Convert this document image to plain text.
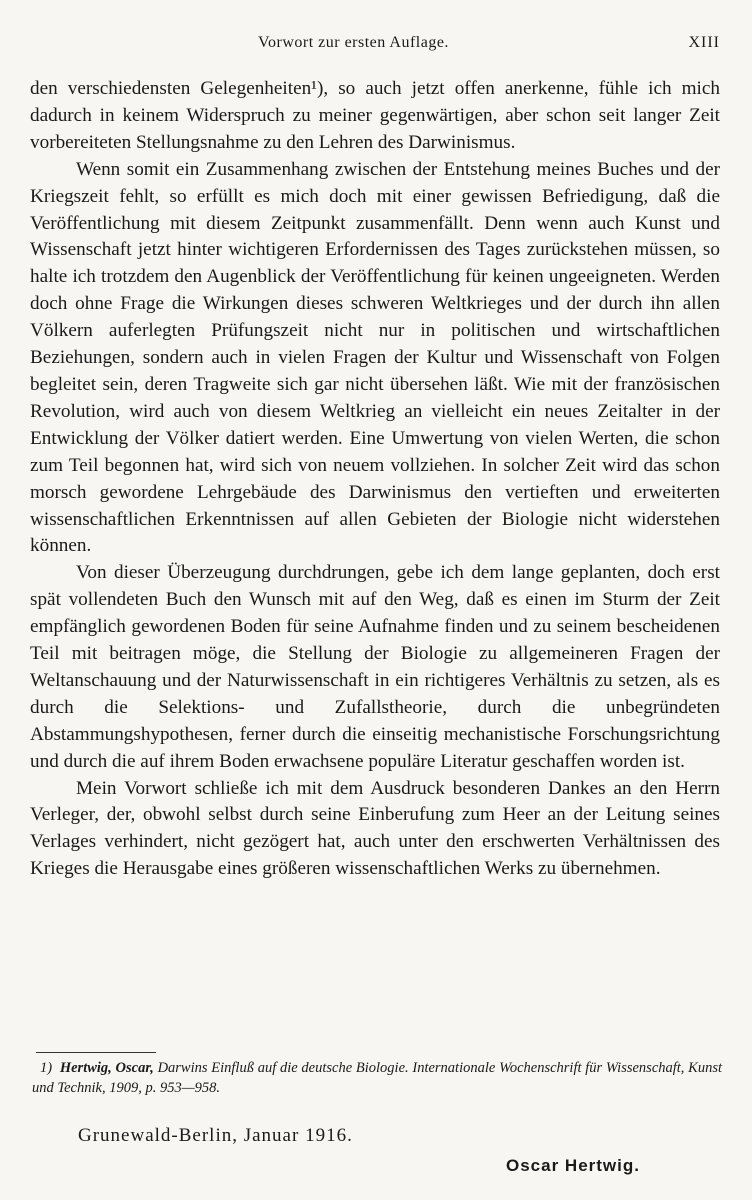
Vorwort zur ersten Auflage.	XIII

den verschiedensten Gelegenheiten¹), so auch jetzt offen anerkenne, fühle ich mich dadurch in keinem Widerspruch zu meiner gegenwärtigen, aber schon seit langer Zeit vorbereiteten Stellungsnahme zu den Lehren des Darwinismus.

Wenn somit ein Zusammenhang zwischen der Entstehung meines Buches und der Kriegszeit fehlt, so erfüllt es mich doch mit einer gewissen Befriedigung, daß die Veröffentlichung mit diesem Zeitpunkt zusammenfällt. Denn wenn auch Kunst und Wissenschaft jetzt hinter wichtigeren Erfordernissen des Tages zurückstehen müssen, so halte ich trotzdem den Augenblick der Veröffentlichung für keinen ungeeigneten. Werden doch ohne Frage die Wirkungen dieses schweren Weltkrieges und der durch ihn allen Völkern auferlegten Prüfungszeit nicht nur in politischen und wirtschaftlichen Beziehungen, sondern auch in vielen Fragen der Kultur und Wissenschaft von Folgen begleitet sein, deren Tragweite sich gar nicht übersehen läßt. Wie mit der französischen Revolution, wird auch von diesem Weltkrieg an vielleicht ein neues Zeitalter in der Entwicklung der Völker datiert werden. Eine Umwertung von vielen Werten, die schon zum Teil begonnen hat, wird sich von neuem vollziehen. In solcher Zeit wird das schon morsch gewordene Lehrgebäude des Darwinismus den vertieften und erweiterten wissenschaftlichen Erkenntnissen auf allen Gebieten der Biologie nicht widerstehen können.

Von dieser Überzeugung durchdrungen, gebe ich dem lange geplanten, doch erst spät vollendeten Buch den Wunsch mit auf den Weg, daß es einen im Sturm der Zeit empfänglich gewordenen Boden für seine Aufnahme finden und zu seinem bescheidenen Teil mit beitragen möge, die Stellung der Biologie zu allgemeineren Fragen der Weltanschauung und der Naturwissenschaft in ein richtigeres Verhältnis zu setzen, als es durch die Selektions- und Zufallstheorie, durch die unbegründeten Abstammungshypothesen, ferner durch die einseitig mechanistische Forschungsrichtung und durch die auf ihrem Boden erwachsene populäre Literatur geschaffen worden ist.

Mein Vorwort schließe ich mit dem Ausdruck besonderen Dankes an den Herrn Verleger, der, obwohl selbst durch seine Einberufung zum Heer an der Leitung seines Verlages verhindert, nicht gezögert hat, auch unter den erschwerten Verhältnissen des Krieges die Herausgabe eines größeren wissenschaftlichen Werks zu übernehmen.

1) Hertwig, Oscar, Darwins Einfluß auf die deutsche Biologie. Internationale Wochenschrift für Wissenschaft, Kunst und Technik, 1909, p. 953—958.
Grunewald-Berlin, Januar 1916.
Oscar Hertwig.
